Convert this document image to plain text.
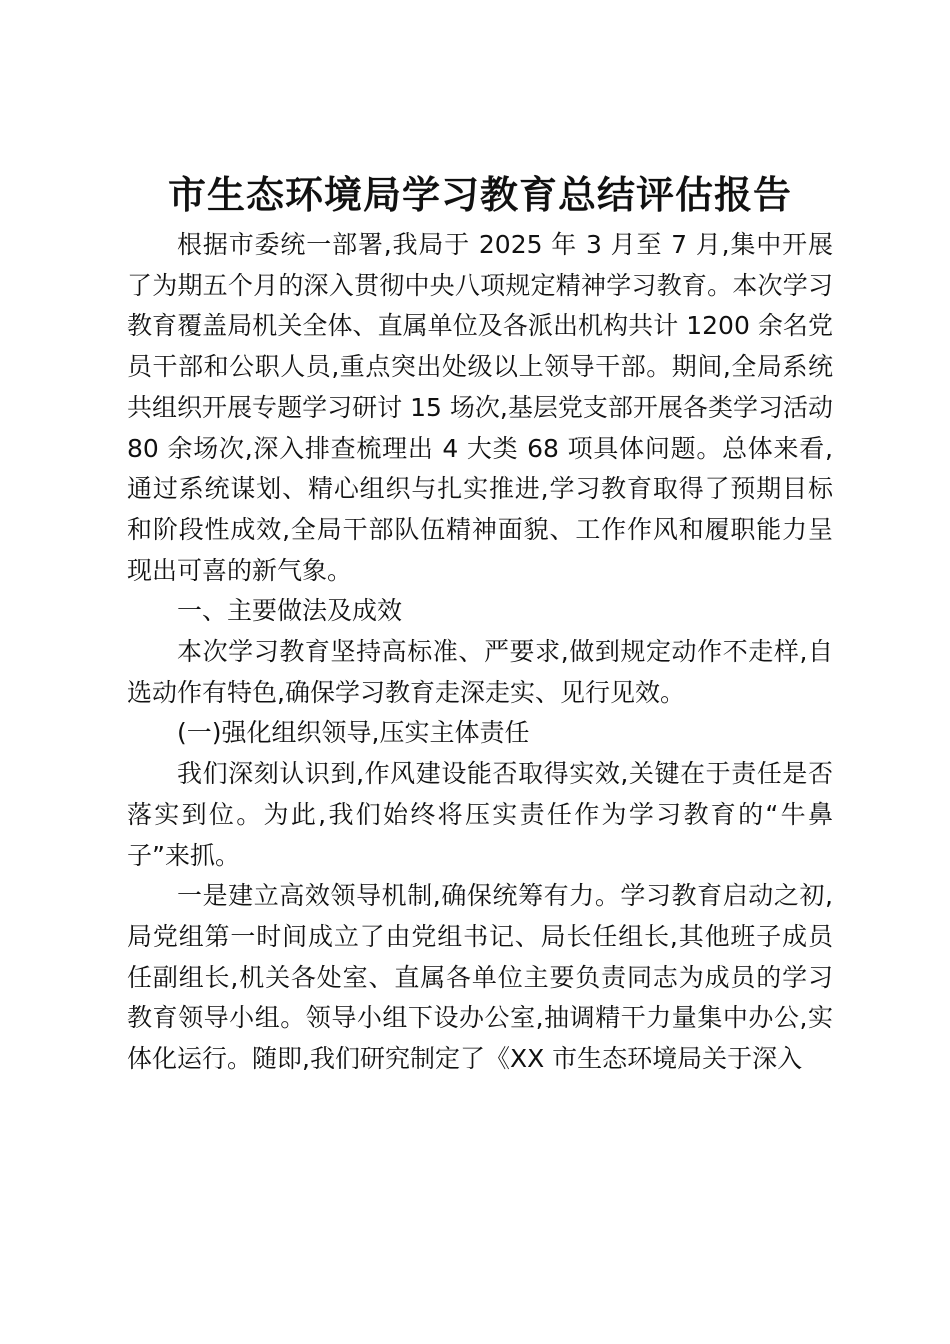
市生态环境局学习教育总结评估报告

根据市委统一部署,我局于 2025 年 3 月至 7 月,集中开展了为期五个月的深入贯彻中央八项规定精神学习教育。本次学习教育覆盖局机关全体、直属单位及各派出机构共计 1200 余名党员干部和公职人员,重点突出处级以上领导干部。期间,全局系统共组织开展专题学习研讨 15 场次,基层党支部开展各类学习活动 80 余场次,深入排查梳理出 4 大类 68 项具体问题。总体来看,通过系统谋划、精心组织与扎实推进,学习教育取得了预期目标和阶段性成效,全局干部队伍精神面貌、工作作风和履职能力呈现出可喜的新气象。

一、主要做法及成效

本次学习教育坚持高标准、严要求,做到规定动作不走样,自选动作有特色,确保学习教育走深走实、见行见效。

(一)强化组织领导,压实主体责任

我们深刻认识到,作风建设能否取得实效,关键在于责任是否落实到位。为此,我们始终将压实责任作为学习教育的“牛鼻子”来抓。

一是建立高效领导机制,确保统筹有力。学习教育启动之初,局党组第一时间成立了由党组书记、局长任组长,其他班子成员任副组长,机关各处室、直属各单位主要负责同志为成员的学习教育领导小组。领导小组下设办公室,抽调精干力量集中办公,实体化运行。随即,我们研究制定了《XX 市生态环境局关于深入
